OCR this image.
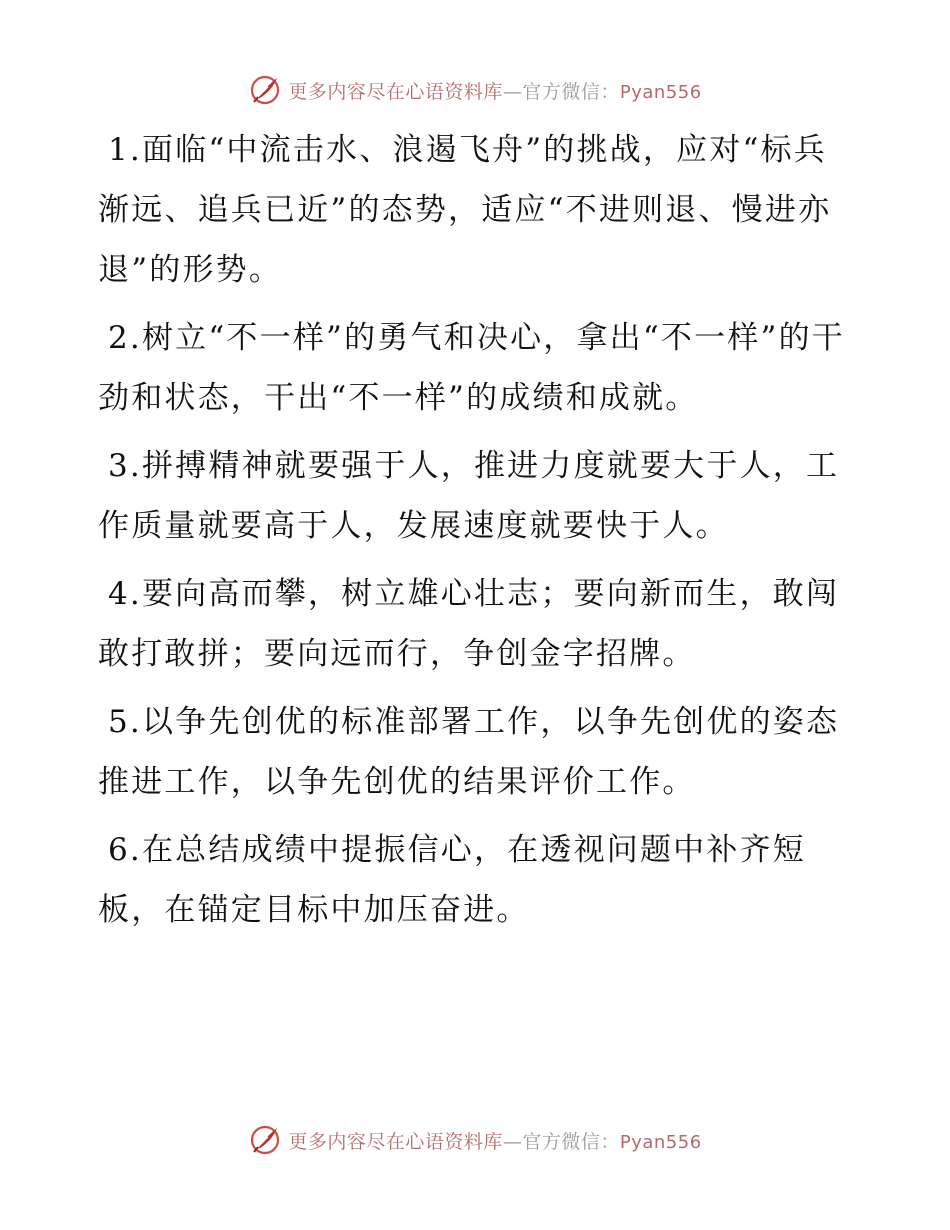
更多内容尽在心语资料库—官方微信：Pyan556

1.面临“中流击水、浪遏飞舟”的挑战，应对“标兵渐远、追兵已近”的态势，适应“不进则退、慢进亦退”的形势。

2.树立“不一样”的勇气和决心，拿出“不一样”的干劲和状态，干出“不一样”的成绩和成就。

3.拼搏精神就要强于人，推进力度就要大于人，工作质量就要高于人，发展速度就要快于人。

4.要向高而攀，树立雄心壮志；要向新而生，敢闯敢打敢拼；要向远而行，争创金字招牌。

5.以争先创优的标准部署工作，以争先创优的姿态推进工作，以争先创优的结果评价工作。

6.在总结成绩中提振信心，在透视问题中补齐短板，在锚定目标中加压奋进。

更多内容尽在心语资料库—官方微信：Pyan556
